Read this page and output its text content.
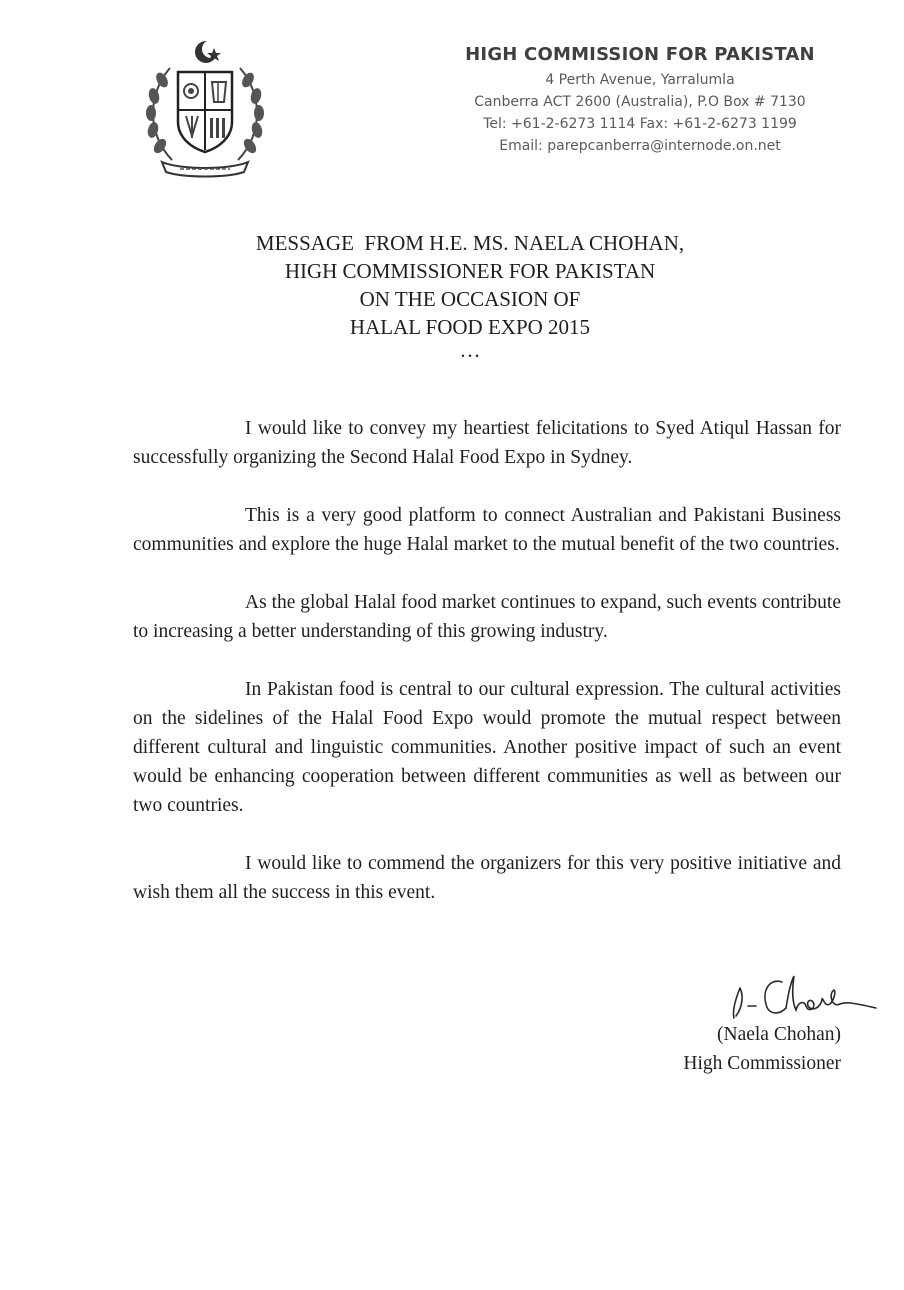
HIGH COMMISSION FOR PAKISTAN
4 Perth Avenue, Yarralumla
Canberra ACT 2600 (Australia), P.O Box # 7130
Tel: +61-2-6273 1114 Fax: +61-2-6273 1199
Email: parepcanberra@internode.on.net
MESSAGE  FROM H.E. MS. NAELA CHOHAN,
HIGH COMMISSIONER FOR PAKISTAN
ON THE OCCASION OF
HALAL FOOD EXPO 2015
…

I would like to convey my heartiest felicitations to Syed Atiqul Hassan for successfully organizing the Second Halal Food Expo in Sydney.

This is a very good platform to connect Australian and Pakistani Business communities and explore the huge Halal market to the mutual benefit of the two countries.

As the global Halal food market continues to expand, such events contribute to increasing a better understanding of this growing industry.

In Pakistan food is central to our cultural expression. The cultural activities on the sidelines of the Halal Food Expo would promote the mutual respect between different cultural and linguistic communities. Another positive impact of such an event would be enhancing cooperation between different communities as well as between our two countries.

I would like to commend the organizers for this very positive initiative and wish them all the success in this event.

(Naela Chohan)
High Commissioner
